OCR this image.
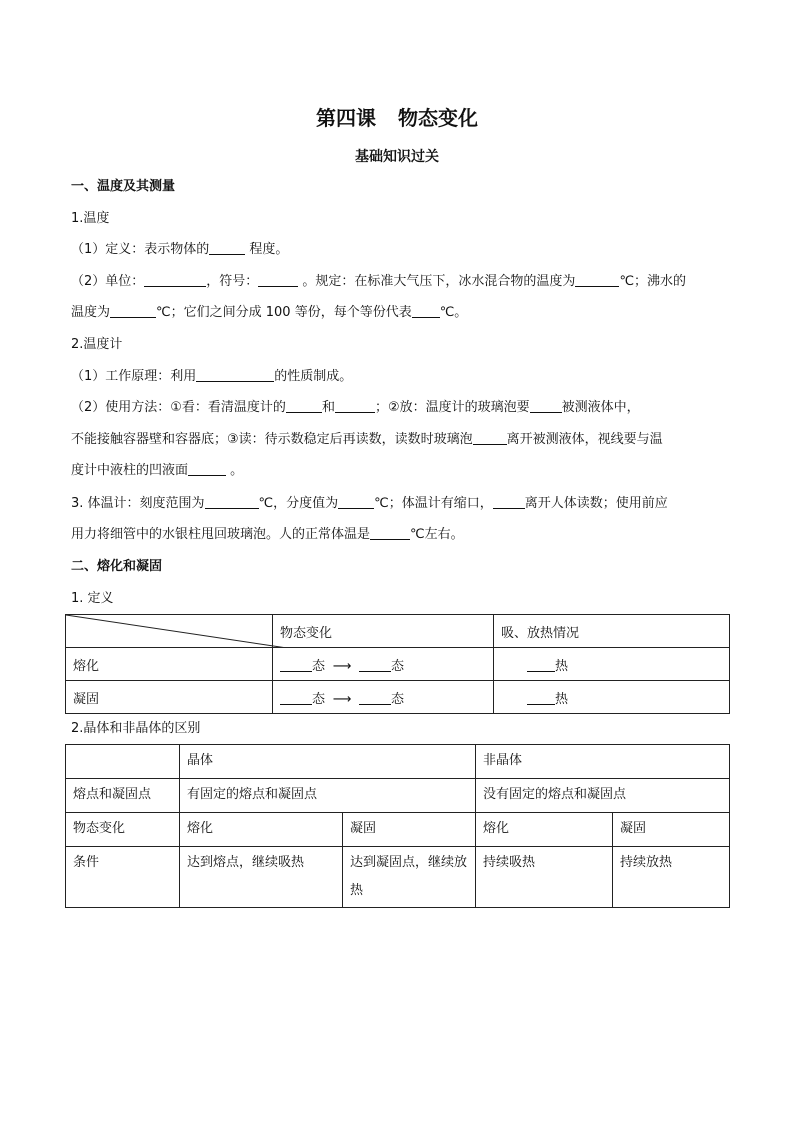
第四课 物态变化
基础知识过关
一、温度及其测量
1.温度
（1）定义：表示物体的	程度。
（2）单位：	，符号：	。规定：在标准大气压下，冰水混合物的温度为	℃；沸水的
温度为	℃；它们之间分成 100 等份，每个等份代表 ℃。
2.温度计
（1）工作原理：利用	的性质制成。
（2）使用方法：①看：看清温度计的	和	；②放：温度计的玻璃泡要 被测液体中，
不能接触容器壁和容器底；③读：待示数稳定后再读数，读数时玻璃泡	离开被测液体，视线要与温
度计中液柱的凹液面	。
3. 体温计：刻度范围为	℃，分度值为	℃；体温计有缩口， 离开人体读数；使用前应
用力将细管中的水银柱甩回玻璃泡。人的正常体温是	℃左右。
二、熔化和凝固
1. 定义
	物态变化	吸、放热情况
熔化	态 ⟶ 态	热
凝固	态 ⟶ 态	热
2.晶体和非晶体的区别
	晶体		非晶体	
熔点和凝固点	有固定的熔点和凝固点		没有固定的熔点和凝固点	
物态变化	熔化	凝固	熔化	凝固
条件	达到熔点，继续吸热	达到凝固点，继续放热	持续吸热	持续放热
